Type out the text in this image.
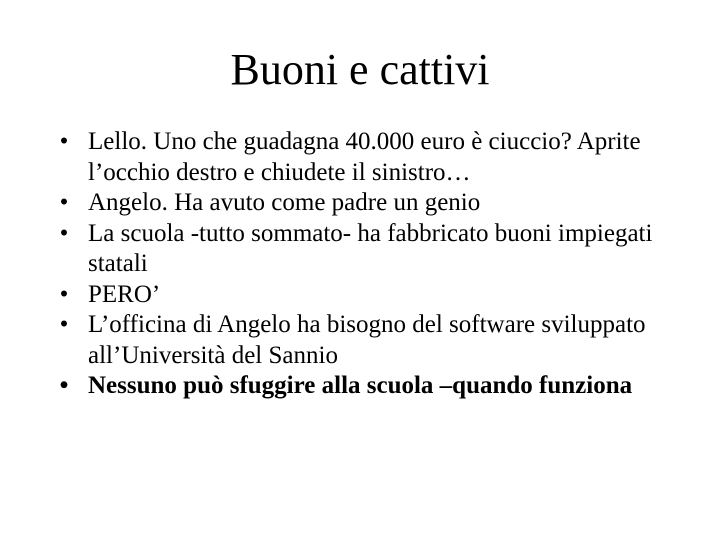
Buoni e cattivi
• Lello. Uno che guadagna 40.000 euro è ciuccio? Aprite l’occhio destro e chiudete il sinistro…
• Angelo. Ha avuto come padre un genio
• La scuola -tutto sommato- ha fabbricato buoni impiegati statali
• PERO’
• L’officina di Angelo ha bisogno del software sviluppato all’Università del Sannio
• Nessuno può sfuggire alla scuola –quando funziona
